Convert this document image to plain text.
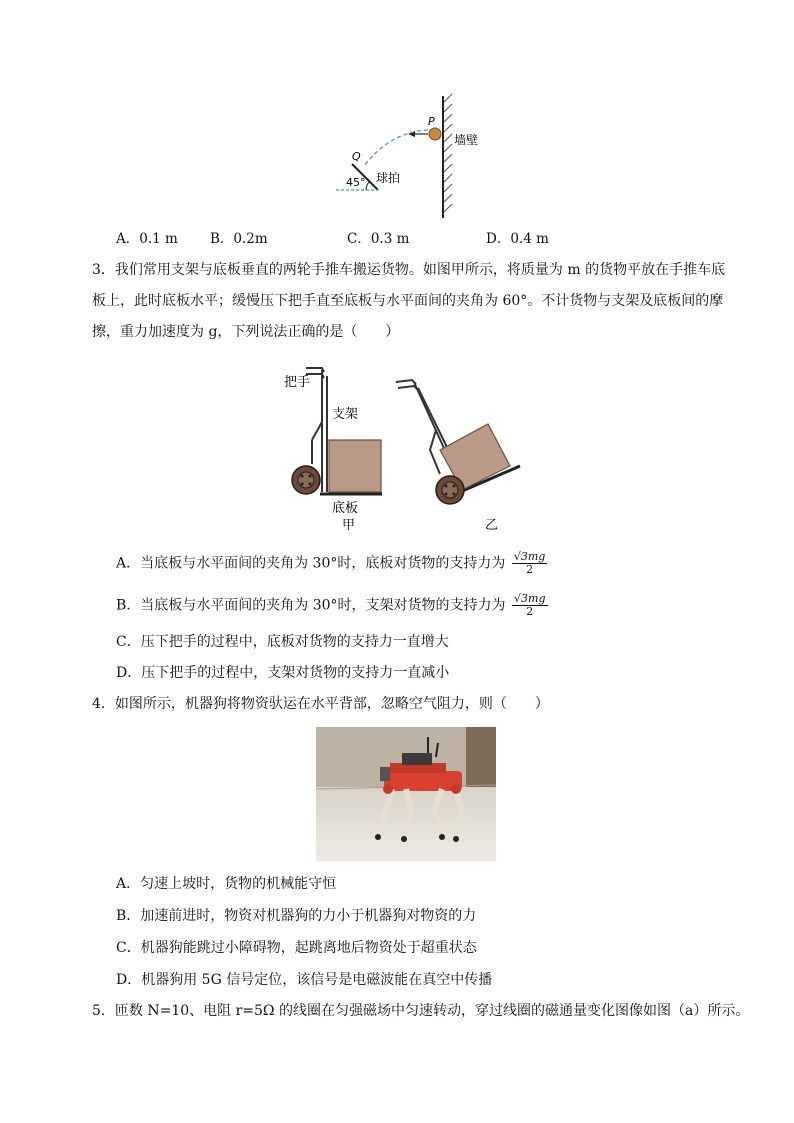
P
Q
墙壁
球拍
45°
A．0.1 m B．0.2m	C．0.3 m	D．0.4 m
3．我们常用支架与底板垂直的两轮手推车搬运货物。如图甲所示，将质量为 m 的货物平放在手推车底
板上，此时底板水平；缓慢压下把手直至底板与水平面间的夹角为 60°。不计货物与支架及底板间的摩
擦，重力加速度为 g，下列说法正确的是（　　）
把手
支架
底板
甲	乙
A．当底板与水平面间的夹角为 30°时，底板对货物的支持力为 $\frac{√3mg}{2}$
B．当底板与水平面间的夹角为 30°时，支架对货物的支持力为 $\frac{√3mg}{2}$
C．压下把手的过程中，底板对货物的支持力一直增大
D．压下把手的过程中，支架对货物的支持力一直减小
4．如图所示，机器狗将物资驮运在水平背部，忽略空气阻力，则（　　）
A．匀速上坡时，货物的机械能守恒
B．加速前进时，物资对机器狗的力小于机器狗对物资的力
C．机器狗能跳过小障碍物，起跳离地后物资处于超重状态
D．机器狗用 5G 信号定位，该信号是电磁波能在真空中传播
5．匝数 N=10、电阻 r=5Ω 的线圈在匀强磁场中匀速转动，穿过线圈的磁通量变化图像如图（a）所示。
